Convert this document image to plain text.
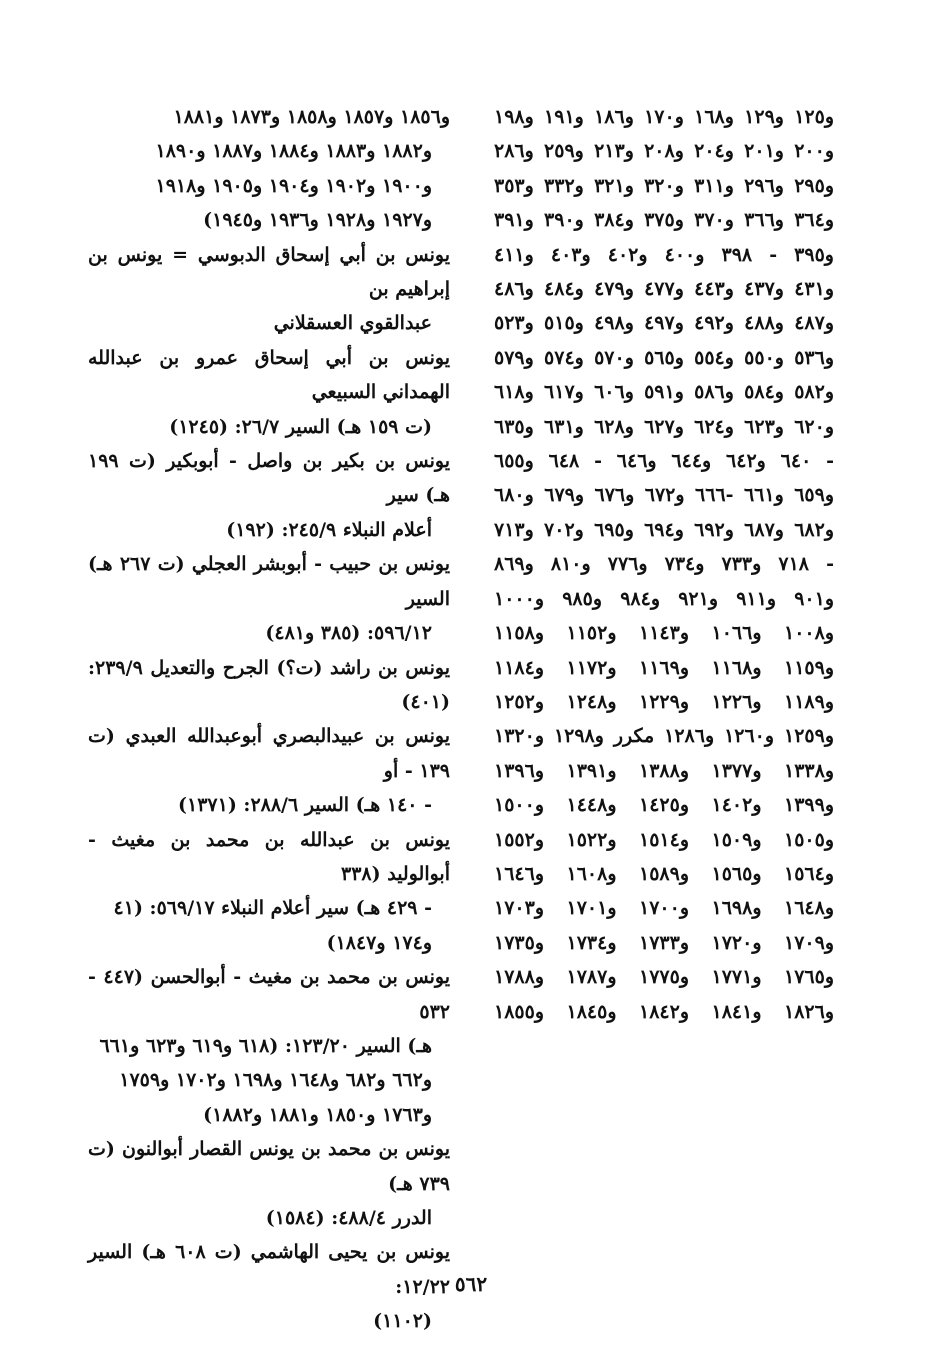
و١٢٥ و١٢٩ و١٦٨ و١٧٠ و١٨٦ و١٩١ و١٩٨
و٢٠٠ و٢٠١ و٢٠٤ و٢٠٨ و٢١٣ و٢٥٩ و٢٨٦
و٢٩٥ و٢٩٦ و٣١١ و٣٢٠ و٣٢١ و٣٣٢ و٣٥٣
و٣٦٤ و٣٦٦ و٣٧٠ و٣٧٥ و٣٨٤ و٣٩٠ و٣٩١
و٣٩٥ - ٣٩٨ و٤٠٠ و٤٠٢ و٤٠٣ و٤١١
و٤٣١ و٤٣٧ و٤٤٣ و٤٧٧ و٤٧٩ و٤٨٤ و٤٨٦
و٤٨٧ و٤٨٨ و٤٩٢ و٤٩٧ و٤٩٨ و٥١٥ و٥٢٣
و٥٣٦ و٥٥٠ و٥٥٤ و٥٦٥ و٥٧٠ و٥٧٤ و٥٧٩
و٥٨٢ و٥٨٤ و٥٨٦ و٥٩١ و٦٠٦ و٦١٧ و٦١٨
و٦٢٠ و٦٢٣ و٦٢٤ و٦٢٧ و٦٢٨ و٦٣١ و٦٣٥
- ٦٤٠ و٦٤٢ و٦٤٤ و٦٤٦ - ٦٤٨ و٦٥٥
و٦٥٩ و٦٦١ -٦٦٦ و٦٧٢ و٦٧٦ و٦٧٩ و٦٨٠
و٦٨٢ و٦٨٧ و٦٩٢ و٦٩٤ و٦٩٥ و٧٠٢ و٧١٣
- ٧١٨ و٧٣٣ و٧٣٤ و٧٧٦ و٨١٠ و٨٦٩
و٩٠١ و٩١١ و٩٢١ و٩٨٤ و٩٨٥ و١٠٠٠
و١٠٠٨ و١٠٦٦ و١١٤٣ و١١٥٢ و١١٥٨
و١١٥٩ و١١٦٨ و١١٦٩ و١١٧٢ و١١٨٤
و١١٨٩ و١٢٢٦ و١٢٢٩ و١٢٤٨ و١٢٥٢
و١٢٥٩ و١٢٦٠ و١٢٨٦ مكرر و١٢٩٨ و١٣٢٠
و١٣٣٨ و١٣٧٧ و١٣٨٨ و١٣٩١ و١٣٩٦
و١٣٩٩ و١٤٠٢ و١٤٢٥ و١٤٤٨ و١٥٠٠
و١٥٠٥ و١٥٠٩ و١٥١٤ و١٥٢٢ و١٥٥٢
و١٥٦٤ و١٥٦٥ و١٥٨٩ و١٦٠٨ و١٦٤٦
و١٦٤٨ و١٦٩٨ و١٧٠٠ و١٧٠١ و١٧٠٣
و١٧٠٩ و١٧٢٠ و١٧٣٣ و١٧٣٤ و١٧٣٥
و١٧٦٥ و١٧٧١ و١٧٧٥ و١٧٨٧ و١٧٨٨
و١٨٢٦ و١٨٤١ و١٨٤٢ و١٨٤٥ و١٨٥٥
و١٨٥٦ و١٨٥٧ و١٨٥٨ و١٨٧٣ و١٨٨١
و١٨٨٢ و١٨٨٣ و١٨٨٤ و١٨٨٧ و١٨٩٠
و١٩٠٠ و١٩٠٢ و١٩٠٤ و١٩٠٥ و١٩١٨
و١٩٢٧ و١٩٢٨ و١٩٣٦ و١٩٤٥)
يونس بن أبي إسحاق الدبوسي = يونس بن إبراهيم بن
عبدالقوي العسقلاني
يونس بن أبي إسحاق عمرو بن عبدالله الهمداني السبيعي
(ت ١٥٩ هـ) السير ٢٦/٧: (١٢٤٥)
يونس بن بكير بن واصل - أبوبكير (ت ١٩٩ هـ) سير
أعلام النبلاء ٢٤٥/٩: (١٩٢)
يونس بن حبيب - أبوبشر العجلي (ت ٢٦٧ هـ) السير
٥٩٦/١٢: (٣٨٥ و٤٨١)
يونس بن راشد (ت؟) الجرح والتعديل ٢٣٩/٩: (٤٠١)
يونس بن عبيدالبصري أبوعبدالله العبدي (ت ١٣٩ - أو
- ١٤٠ هـ) السير ٢٨٨/٦: (١٣٧١)
يونس بن عبدالله بن محمد بن مغيث - أبوالوليد (٣٣٨
- ٤٢٩ هـ) سير أعلام النبلاء ٥٦٩/١٧: (٤١
و١٧٤ و١٨٤٧)
يونس بن محمد بن مغيث - أبوالحسن (٤٤٧ - ٥٣٢
هـ) السير ١٢٣/٢٠: (٦١٨ و٦١٩ و٦٢٣ و٦٦١
و٦٦٢ و٦٨٢ و١٦٤٨ و١٦٩٨ و١٧٠٢ و١٧٥٩
و١٧٦٣ و١٨٥٠ و١٨٨١ و١٨٨٢)
يونس بن محمد بن يونس القصار أبوالنون (ت ٧٣٩ هـ)
الدرر ٤٨٨/٤: (١٥٨٤)
يونس بن يحيى الهاشمي (ت ٦٠٨ هـ) السير ١٢/٢٢:
(١١٠٢)
٥٦٢
